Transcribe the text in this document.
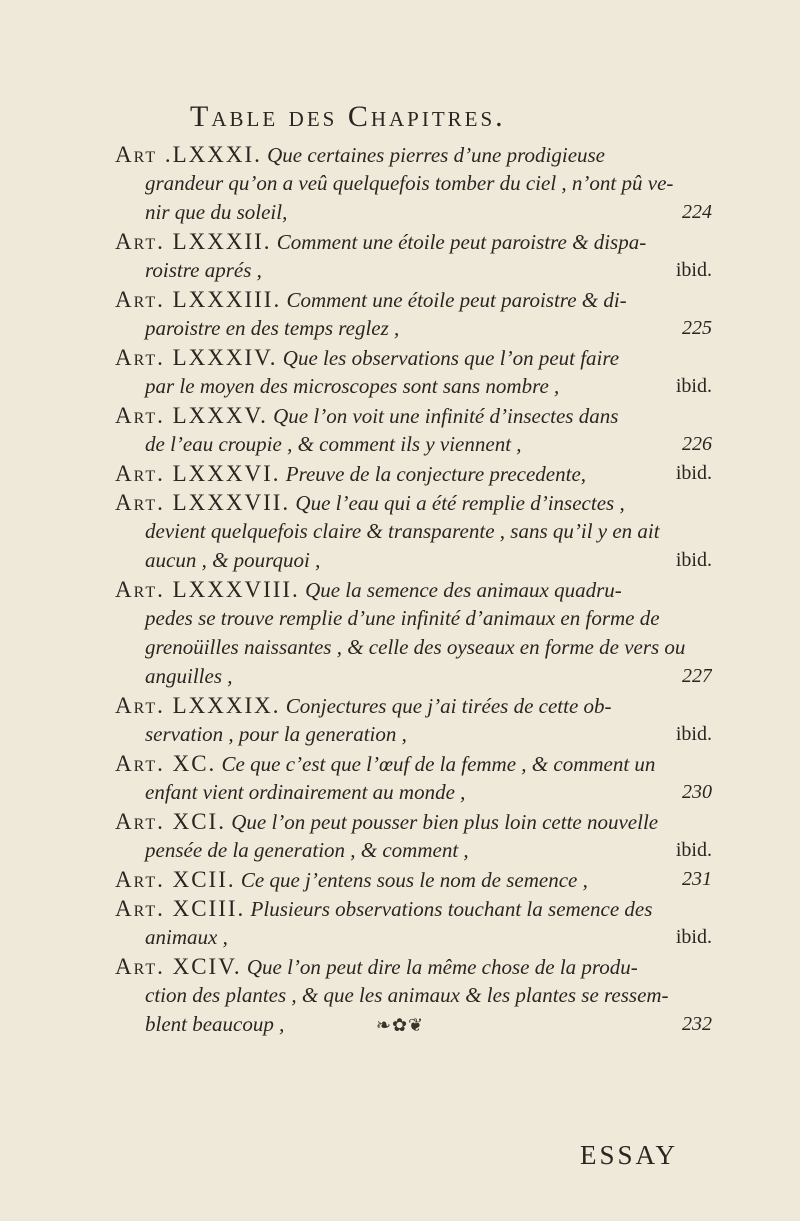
Table des Chapitres.
Art .LXXXI. Que certaines pierres d’une prodigieuse
grandeur qu’on a veû quelquefois tomber du ciel , n’ont pû ve-
nir que du soleil,	224
Art. LXXXII. Comment une étoile peut paroistre & dispa-
roistre aprés ,	ibid.
Art. LXXXIII. Comment une étoile peut paroistre & di-
paroistre en des temps reglez ,	225
Art. LXXXIV. Que les observations que l’on peut faire
par le moyen des microscopes sont sans nombre ,	ibid.
Art. LXXXV. Que l’on voit une infinité d’insectes dans
de l’eau croupie , & comment ils y viennent ,	226
Art. LXXXVI. Preuve de la conjecture precedente,	ibid.
Art. LXXXVII. Que l’eau qui a été remplie d’insectes ,
devient quelquefois claire & transparente , sans qu’il y en ait
aucun , & pourquoi ,	ibid.
Art. LXXXVIII. Que la semence des animaux quadru-
pedes se trouve remplie d’une infinité d’animaux en forme de
grenoüilles naissantes , & celle des oyseaux en forme de vers ou
anguilles ,	227
Art. LXXXIX. Conjectures que j’ai tirées de cette ob-
servation , pour la generation ,	ibid.
Art. XC. Ce que c’est que l’œuf de la femme , & comment un
enfant vient ordinairement au monde ,	230
Art. XCI. Que l’on peut pousser bien plus loin cette nouvelle
pensée de la generation , & comment ,	ibid.
Art. XCII. Ce que j’entens sous le nom de semence ,	231
Art. XCIII. Plusieurs observations touchant la semence des
animaux ,	ibid.
Art. XCIV. Que l’on peut dire la même chose de la produ-
ction des plantes , & que les animaux & les plantes se ressem-
blent beaucoup ,	232
❧✿❦
ESSAY
